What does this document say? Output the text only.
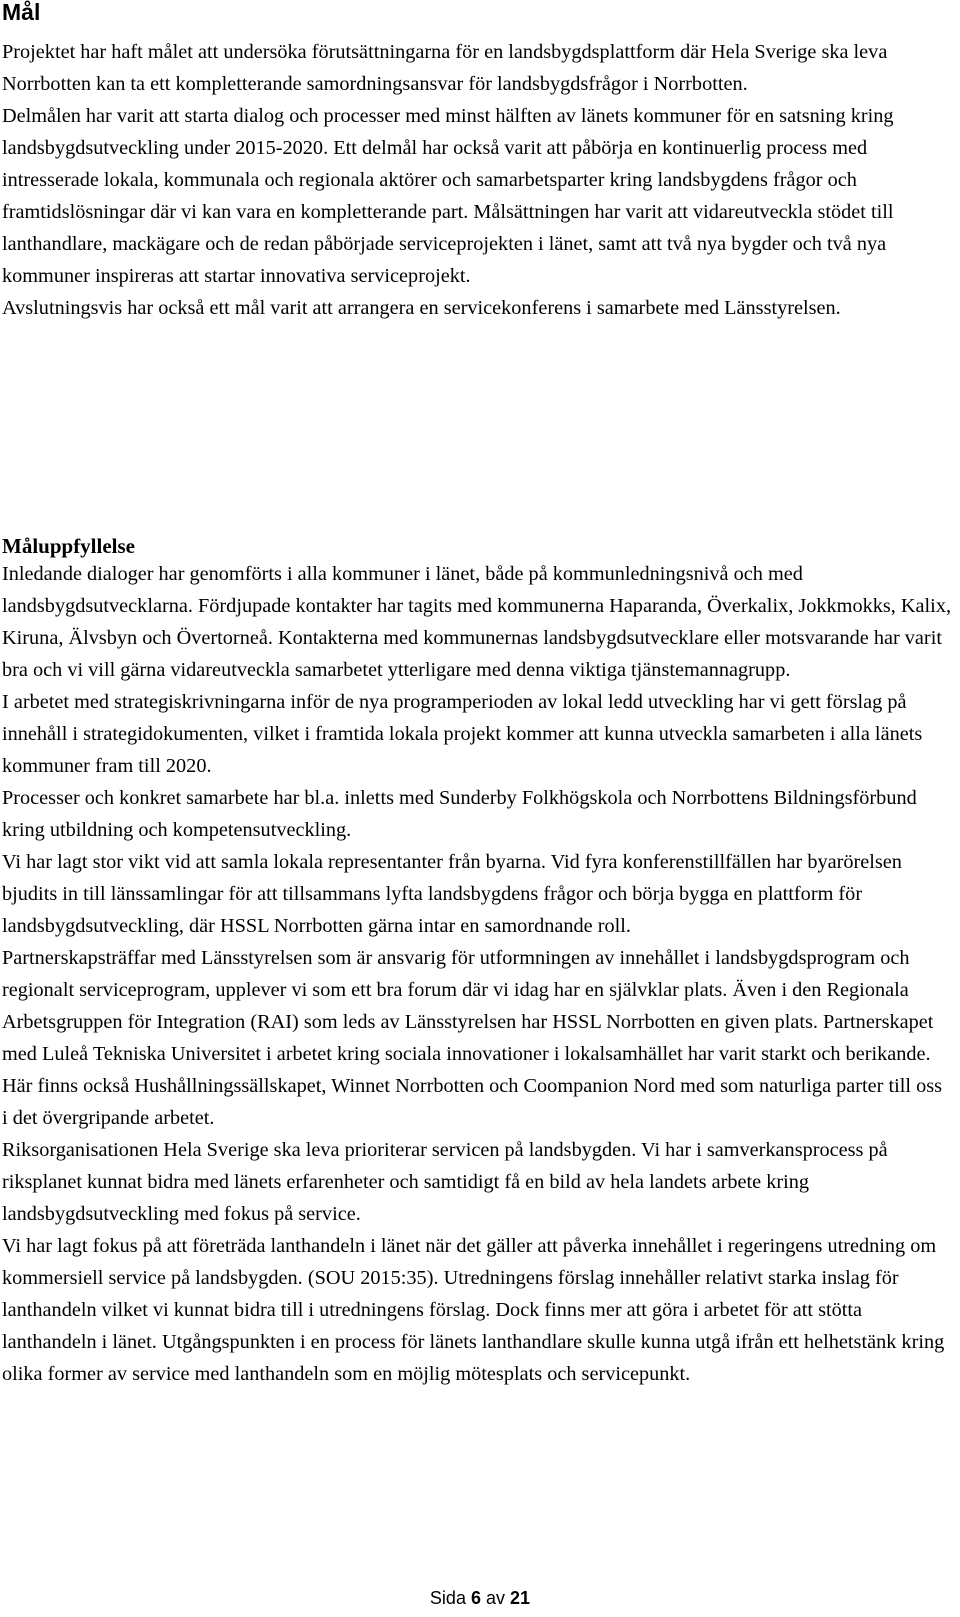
Mål

Projektet har haft målet att undersöka förutsättningarna för en landsbygdsplattform där Hela Sverige ska leva Norrbotten kan ta ett kompletterande samordningsansvar för landsbygdsfrågor i Norrbotten.

Delmålen har varit att starta dialog och processer med minst hälften av länets kommuner för en satsning kring landsbygdsutveckling under 2015-2020. Ett delmål har också varit att påbörja en kontinuerlig process med intresserade lokala, kommunala och regionala aktörer och samarbetsparter kring landsbygdens frågor och framtidslösningar där vi kan vara en kompletterande part. Målsättningen har varit att vidareutveckla stödet till lanthandlare, mackägare och de redan påbörjade serviceprojekten i länet, samt att två nya bygder och två nya kommuner inspireras att startar innovativa serviceprojekt.

Avslutningsvis har också ett mål varit att arrangera en servicekonferens i samarbete med Länsstyrelsen.

Måluppfyllelse

Inledande dialoger har genomförts i alla kommuner i länet, både på kommunledningsnivå och med landsbygdsutvecklarna. Fördjupade kontakter har tagits med kommunerna Haparanda, Överkalix, Jokkmokks, Kalix, Kiruna, Älvsbyn och Övertorneå. Kontakterna med kommunernas landsbygdsutvecklare eller motsvarande har varit bra och vi vill gärna vidareutveckla samarbetet ytterligare med denna viktiga tjänstemannagrupp.

I arbetet med strategiskrivningarna inför de nya programperioden av lokal ledd utveckling har vi gett förslag på innehåll i strategidokumenten, vilket i framtida lokala projekt kommer att kunna utveckla samarbeten i alla länets kommuner fram till 2020.

Processer och konkret samarbete har bl.a. inletts med Sunderby Folkhögskola och Norrbottens Bildningsförbund kring utbildning och kompetensutveckling.

Vi har lagt stor vikt vid att samla lokala representanter från byarna. Vid fyra konferenstillfällen har byarörelsen bjudits in till länssamlingar för att tillsammans lyfta landsbygdens frågor och börja bygga en plattform för landsbygdsutveckling, där HSSL Norrbotten gärna intar en samordnande roll.

Partnerskapsträffar med Länsstyrelsen som är ansvarig för utformningen av innehållet i landsbygdsprogram och regionalt serviceprogram, upplever vi som ett bra forum där vi idag har en självklar plats. Även i den Regionala Arbetsgruppen för Integration (RAI) som leds av Länsstyrelsen har HSSL Norrbotten en given plats. Partnerskapet med Luleå Tekniska Universitet i arbetet kring sociala innovationer i lokalsamhället har varit starkt och berikande. Här finns också Hushållningssällskapet, Winnet Norrbotten och Coompanion Nord med som naturliga parter till oss i det övergripande arbetet.

Riksorganisationen Hela Sverige ska leva prioriterar servicen på landsbygden. Vi har i samverkansprocess på riksplanet kunnat bidra med länets erfarenheter och samtidigt få en bild av hela landets arbete kring landsbygdsutveckling med fokus på service.

Vi har lagt fokus på att företräda lanthandeln i länet när det gäller att påverka innehållet i regeringens utredning om kommersiell service på landsbygden. (SOU 2015:35). Utredningens förslag innehåller relativt starka inslag för lanthandeln vilket vi kunnat bidra till i utredningens förslag. Dock finns mer att göra i arbetet för att stötta lanthandeln i länet. Utgångspunkten i en process för länets lanthandlare skulle kunna utgå ifrån ett helhetstänk kring olika former av service med lanthandeln som en möjlig mötesplats och servicepunkt.

Sida 6 av 21
